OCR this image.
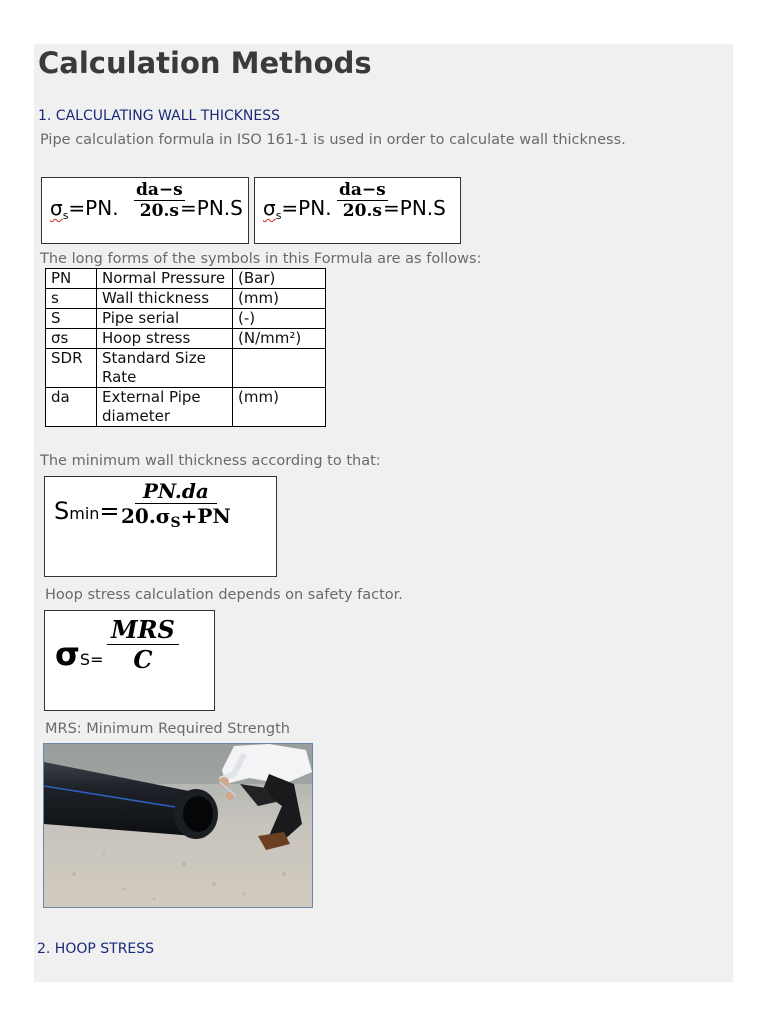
Calculation Methods
1. CALCULATING WALL THICKNESS
Pipe calculation formula in ISO 161-1 is used in order to calculate wall thickness.
$\sigma_s=PN$. $\frac{da-s}{20.s}$
=PN.S $\sigma_s=PN$. $\frac{da-s}{20.s}$
=PN.S
The long forms of the symbols in this Formula are as follows:
PN	Normal Pressure	(Bar)
s	Wall thickness	(mm)
S	Pipe serial	(-)
σs	Hoop stress	(N/mm²)
SDR	Standard Size Rate	
da	External Pipe diameter	(mm)
The minimum wall thickness according to that:
$Smin= \frac{PN.da}{20.\sigma_S+PN}$
Hoop stress calculation depends on safety factor.
σS=
MRS
C
MRS: Minimum Required Strength
2. HOOP STRESS
